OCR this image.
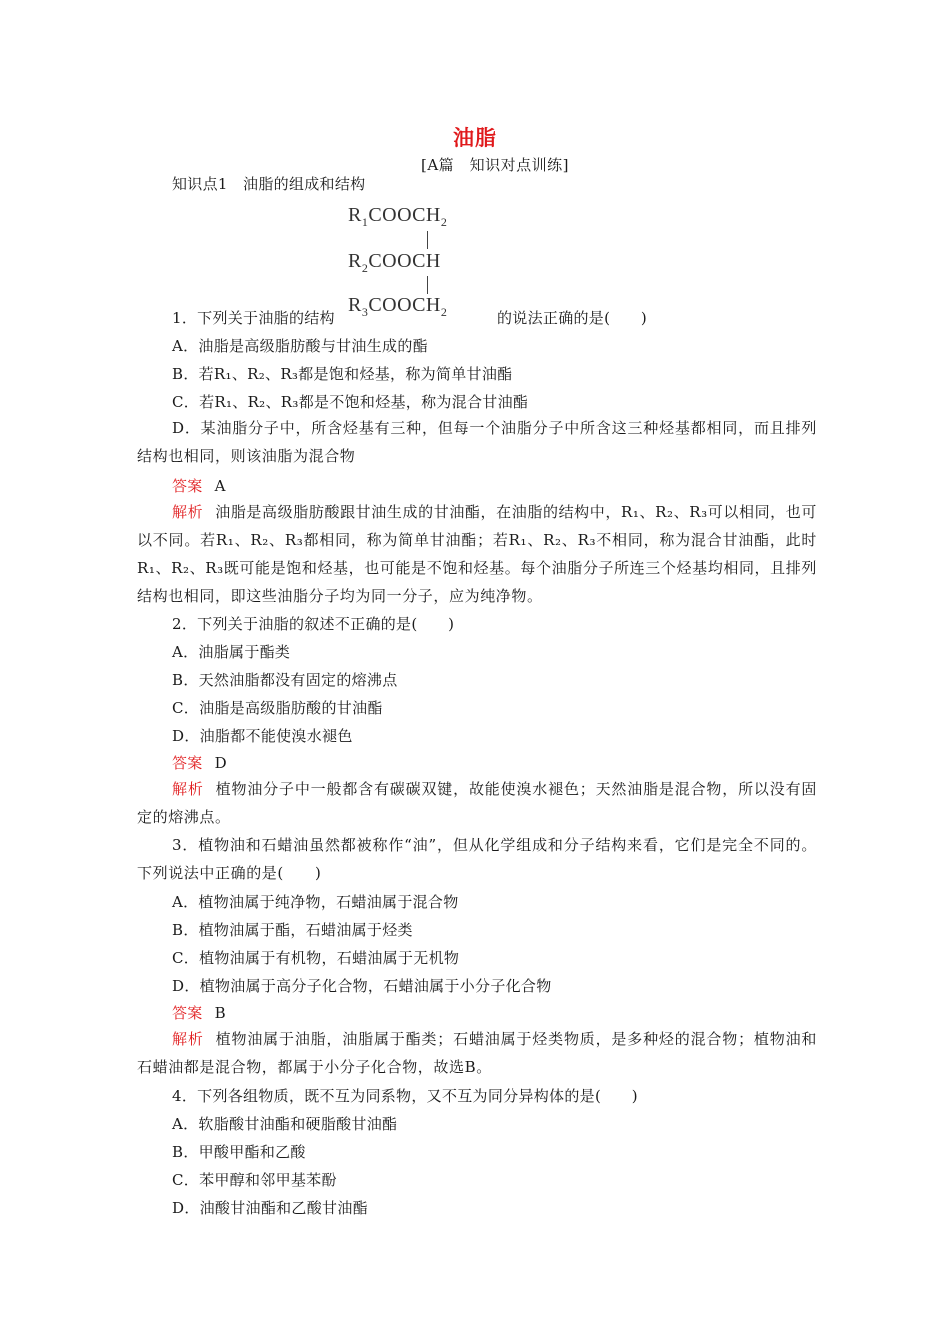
油脂
[A篇　知识对点训练]
知识点1　油脂的组成和结构
$R_1COOCH_2$
$R_2COOCH$
$R_3COOCH_2$
1．下列关于油脂的结构	的说法正确的是(　　)
A．油脂是高级脂肪酸与甘油生成的酯
B．若R₁、R₂、R₃都是饱和烃基，称为简单甘油酯
C．若R₁、R₂、R₃都是不饱和烃基，称为混合甘油酯
D．某油脂分子中，所含烃基有三种，但每一个油脂分子中所含这三种烃基都相同，而且排列结构也相同，则该油脂为混合物
答案 A
解析 油脂是高级脂肪酸跟甘油生成的甘油酯，在油脂的结构中，R₁、R₂、R₃可以相同，也可以不同。若R₁、R₂、R₃都相同，称为简单甘油酯；若R₁、R₂、R₃不相同，称为混合甘油酯，此时R₁、R₂、R₃既可能是饱和烃基，也可能是不饱和烃基。每个油脂分子所连三个烃基均相同，且排列结构也相同，即这些油脂分子均为同一分子，应为纯净物。
2．下列关于油脂的叙述不正确的是(　　)
A．油脂属于酯类
B．天然油脂都没有固定的熔沸点
C．油脂是高级脂肪酸的甘油酯
D．油脂都不能使溴水褪色
答案 D
解析 植物油分子中一般都含有碳碳双键，故能使溴水褪色；天然油脂是混合物，所以没有固定的熔沸点。
3．植物油和石蜡油虽然都被称作“油”，但从化学组成和分子结构来看，它们是完全不同的。下列说法中正确的是(　　)
A．植物油属于纯净物，石蜡油属于混合物
B．植物油属于酯，石蜡油属于烃类
C．植物油属于有机物，石蜡油属于无机物
D．植物油属于高分子化合物，石蜡油属于小分子化合物
答案 B
解析 植物油属于油脂，油脂属于酯类；石蜡油属于烃类物质，是多种烃的混合物；植物油和石蜡油都是混合物，都属于小分子化合物，故选B。
4．下列各组物质，既不互为同系物，又不互为同分异构体的是(　　)
A．软脂酸甘油酯和硬脂酸甘油酯
B．甲酸甲酯和乙酸
C．苯甲醇和邻甲基苯酚
D．油酸甘油酯和乙酸甘油酯
